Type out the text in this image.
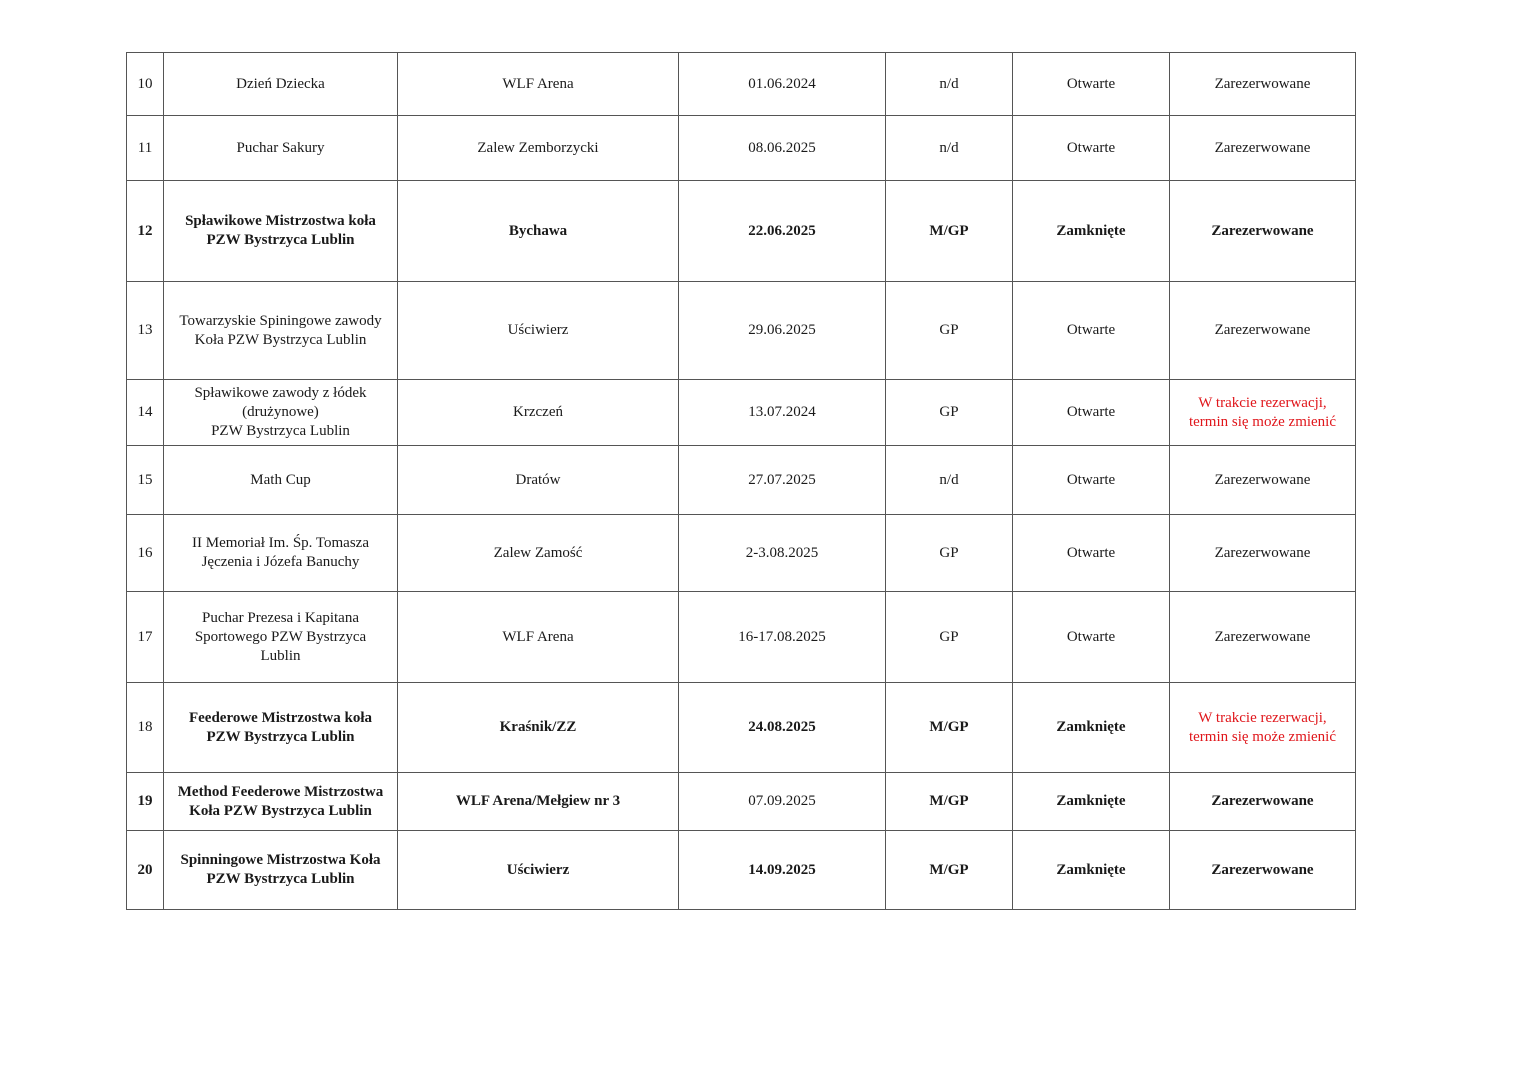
10	Dzień Dziecka	WLF Arena	01.06.2024	n/d	Otwarte	Zarezerwowane
11	Puchar Sakury	Zalew Zemborzycki	08.06.2025	n/d	Otwarte	Zarezerwowane
12	Spławikowe Mistrzostwa koła
PZW Bystrzyca Lublin	Bychawa	22.06.2025	M/GP	Zamknięte	Zarezerwowane
13	Towarzyskie Spiningowe zawody
Koła PZW Bystrzyca Lublin	Uściwierz	29.06.2025	GP	Otwarte	Zarezerwowane
14	Spławikowe zawody z łódek
(drużynowe)
PZW Bystrzyca Lublin	Krzczeń	13.07.2024	GP	Otwarte	W trakcie rezerwacji,
termin się może zmienić
15	Math Cup	Dratów	27.07.2025	n/d	Otwarte	Zarezerwowane
16	II Memoriał Im. Śp. Tomasza
Jęczenia i Józefa Banuchy	Zalew Zamość	2-3.08.2025	GP	Otwarte	Zarezerwowane
17	Puchar Prezesa i Kapitana
Sportowego PZW Bystrzyca
Lublin	WLF Arena	16-17.08.2025	GP	Otwarte	Zarezerwowane
18	Feederowe Mistrzostwa koła
PZW Bystrzyca Lublin	Kraśnik/ZZ	24.08.2025	M/GP	Zamknięte	W trakcie rezerwacji,
termin się może zmienić
19	Method Feederowe Mistrzostwa
Koła PZW Bystrzyca Lublin	WLF Arena/Mełgiew nr 3	07.09.2025	M/GP	Zamknięte	Zarezerwowane
20	Spinningowe Mistrzostwa Koła
PZW Bystrzyca Lublin	Uściwierz	14.09.2025	M/GP	Zamknięte	Zarezerwowane
